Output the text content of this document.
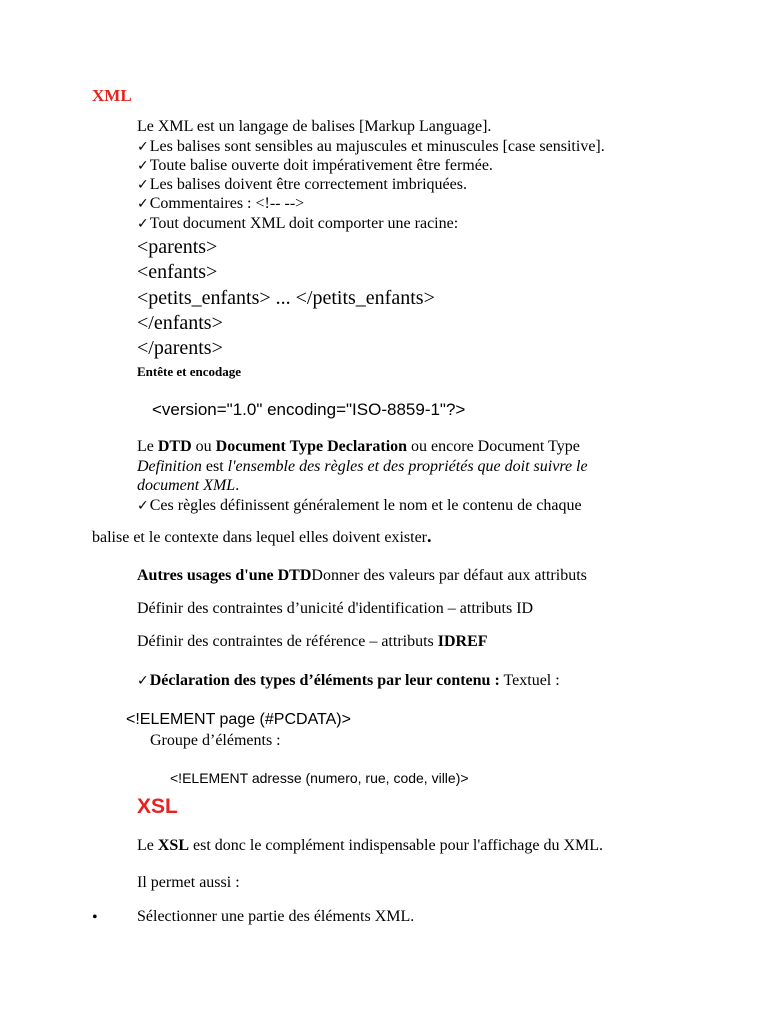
XML
Le XML est un langage de balises [Markup Language].
✓ Les balises sont sensibles au majuscules et minuscules [case sensitive].
✓ Toute balise ouverte doit impérativement être fermée.
✓ Les balises doivent être correctement imbriquées.
✓ Commentaires : <!-- -->
✓ Tout document XML doit comporter une racine:
<parents>
<enfants>
<petits_enfants> ... </petits_enfants>
</enfants>
</parents>
Entête et encodage
<version="1.0" encoding="ISO-8859-1"?>
Le DTD ou Document Type Declaration ou encore Document Type
Definition est l'ensemble des règles et des propriétés que doit suivre le
document XML.
✓ Ces règles définissent généralement le nom et le contenu de chaque
balise et le contexte dans lequel elles doivent exister.
Autres usages d'une DTDDonner des valeurs par défaut aux attributs
Définir des contraintes d’unicité d'identification – attributs ID
Définir des contraintes de référence – attributs IDREF
✓ Déclaration des types d’éléments par leur contenu : Textuel :
<!ELEMENT page (#PCDATA)>
Groupe d’éléments :
<!ELEMENT adresse (numero, rue, code, ville)>
XSL
Le XSL est donc le complément indispensable pour l'affichage du XML.
Il permet aussi :
• Sélectionner une partie des éléments XML.
